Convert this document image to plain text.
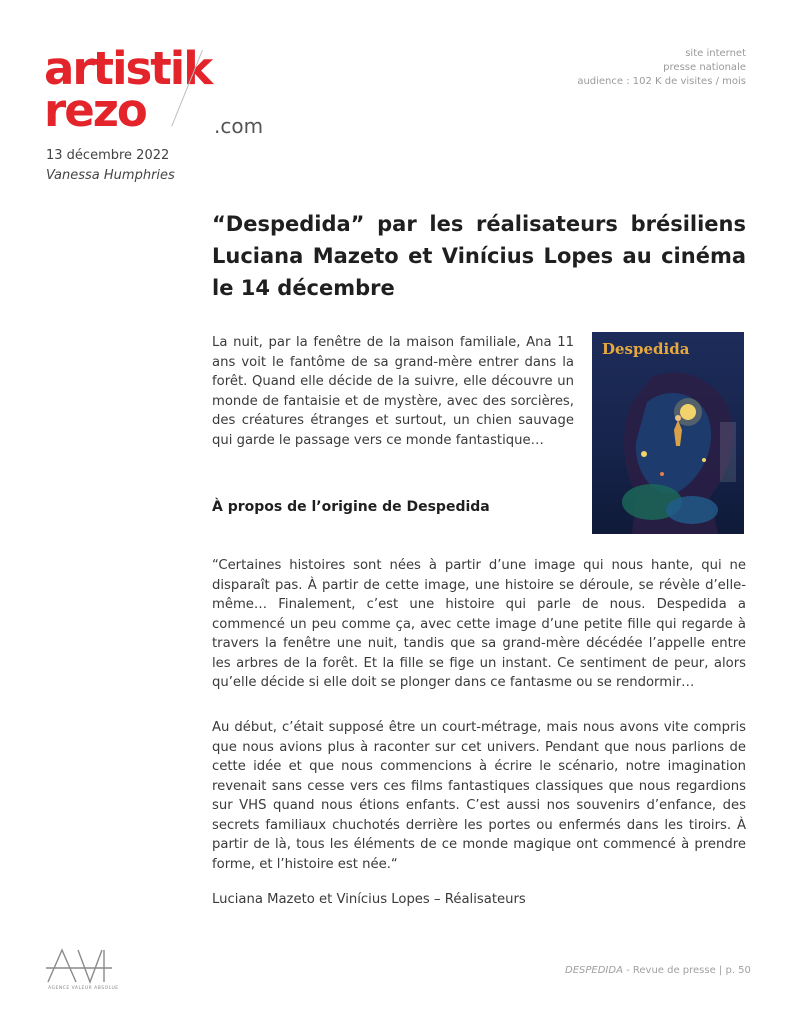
site internet
presse nationale
audience : 102 K de visites / mois
artistik
rezo	.com
13 décembre 2022
Vanessa Humphries
“Despedida” par les réalisateurs brésiliens Luciana Mazeto et Vinícius Lopes au cinéma le 14 décembre
La nuit, par la fenêtre de la maison familiale, Ana 11 ans voit le fantôme de sa grand-mère entrer dans la forêt. Quand elle décide de la suivre, elle découvre un monde de fantaisie et de mystère, avec des sorcières, des créatures étranges et surtout, un chien sauvage qui garde le passage vers ce monde fantastique…
Despedida
À propos de l’origine de Despedida
“Certaines histoires sont nées à partir d’une image qui nous hante, qui ne disparaît pas. À partir de cette image, une histoire se déroule, se révèle d’elle-même… Finalement, c’est une histoire qui parle de nous. Despedida a commencé un peu comme ça, avec cette image d’une petite fille qui regarde à travers la fenêtre une nuit, tandis que sa grand-mère décédée l’appelle entre les arbres de la forêt. Et la fille se fige un instant. Ce sentiment de peur, alors qu’elle décide si elle doit se plonger dans ce fantasme ou se rendormir…
Au début, c’était supposé être un court-métrage, mais nous avons vite compris que nous avions plus à raconter sur cet univers. Pendant que nous parlions de cette idée et que nous commencions à écrire le scénario, notre imagination revenait sans cesse vers ces films fantastiques classiques que nous regardions sur VHS quand nous étions enfants. C’est aussi nos souvenirs d’enfance, des secrets familiaux chuchotés derrière les portes ou enfermés dans les tiroirs. À partir de là, tous les éléments de ce monde magique ont commencé à prendre forme, et l’histoire est née.“
Luciana Mazeto et Vinícius Lopes – Réalisateurs
AGENCE VALEUR ABSOLUE
DESPEDIDA - Revue de presse | p. 50
